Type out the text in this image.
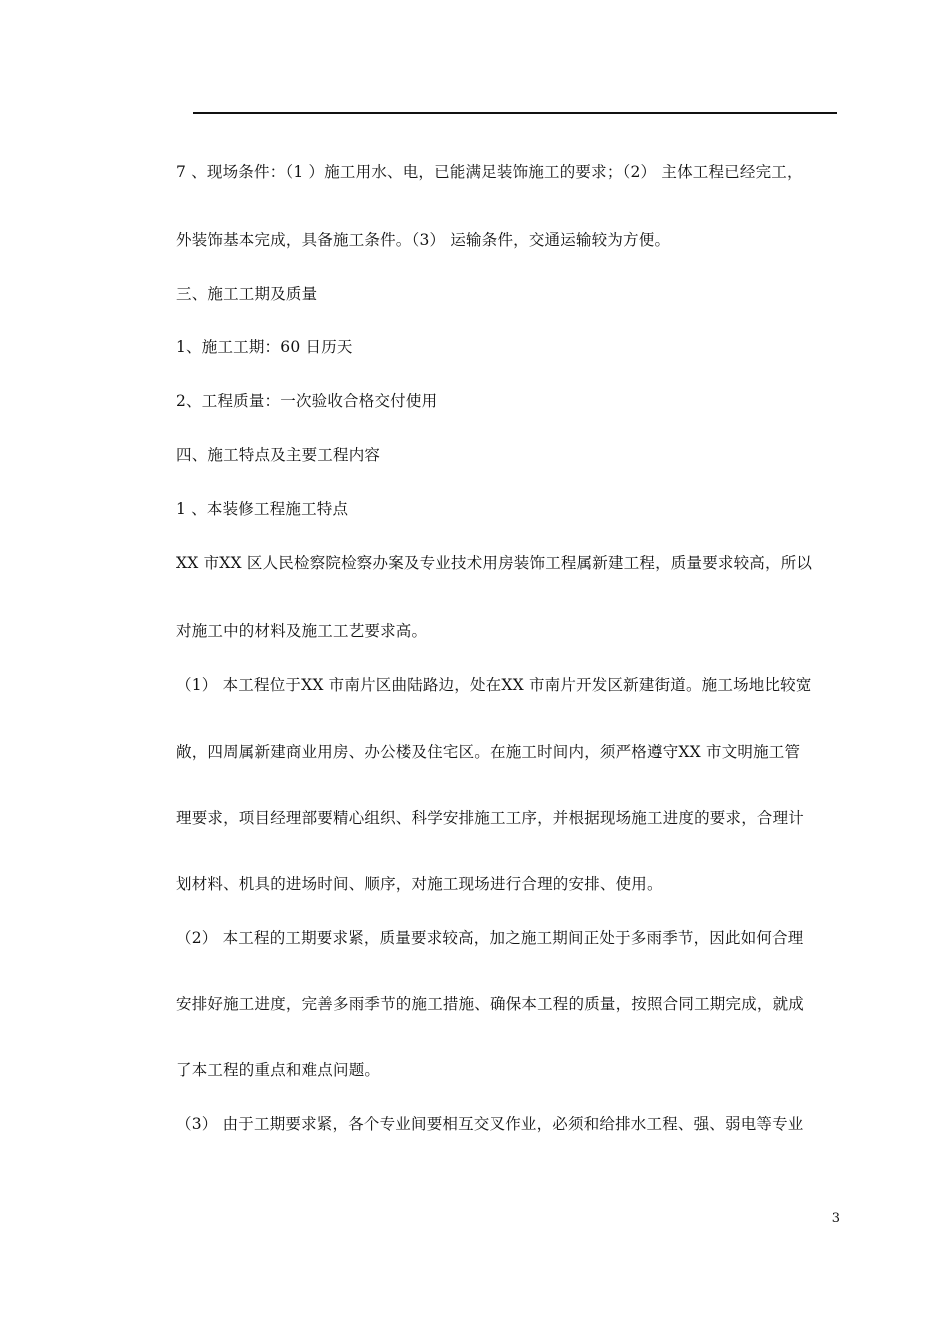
7 、现场条件：（1 ）施工用水、电，已能满足装饰施工的要求；（2） 主体工程已经完工，
外装饰基本完成，具备施工条件。（3） 运输条件，交通运输较为方便。
三、施工工期及质量
1、施工工期：60 日历天
2、工程质量：一次验收合格交付使用
四、施工特点及主要工程内容
1 、本装修工程施工特点
XX 市XX 区人民检察院检察办案及专业技术用房装饰工程属新建工程，质量要求较高，所以
对施工中的材料及施工工艺要求高。
（1） 本工程位于XX 市南片区曲陆路边，处在XX 市南片开发区新建街道。施工场地比较宽
敞，四周属新建商业用房、办公楼及住宅区。在施工时间内，须严格遵守XX 市文明施工管
理要求，项目经理部要精心组织、科学安排施工工序，并根据现场施工进度的要求，合理计
划材料、机具的进场时间、顺序，对施工现场进行合理的安排、使用。
（2） 本工程的工期要求紧，质量要求较高，加之施工期间正处于多雨季节，因此如何合理
安排好施工进度，完善多雨季节的施工措施、确保本工程的质量，按照合同工期完成，就成
了本工程的重点和难点问题。
（3） 由于工期要求紧，各个专业间要相互交叉作业，必须和给排水工程、强、弱电等专业
3
